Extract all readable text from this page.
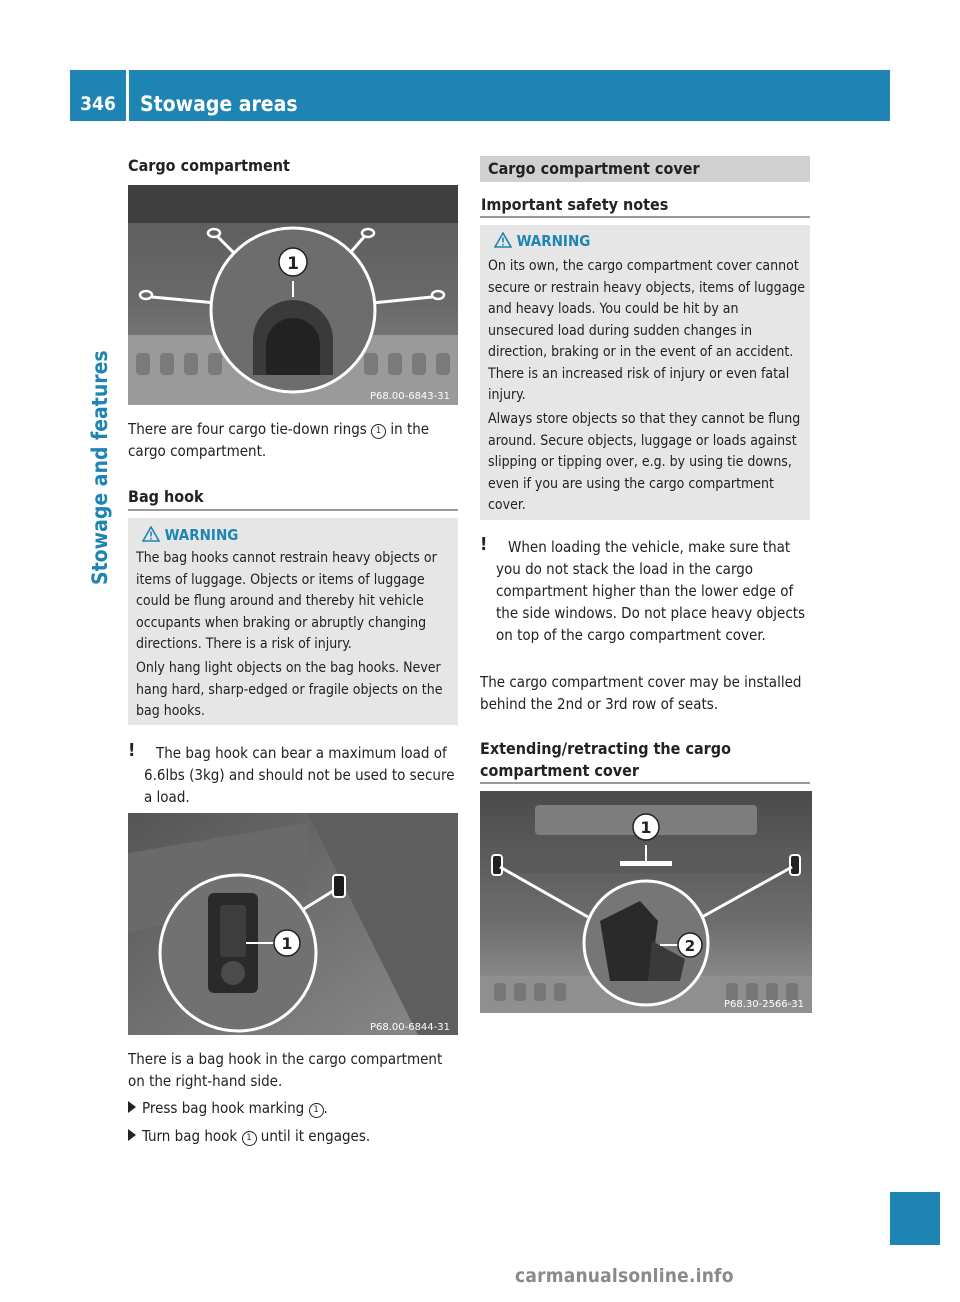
346	Stowage areas
Stowage and features
Cargo compartment
1
P68.00-6843-31
There are four cargo tie-down rings 1 in the cargo compartment.
Bag hook
WARNING
The bag hooks cannot restrain heavy objects or items of luggage. Objects or items of luggage could be flung around and thereby hit vehicle occupants when braking or abruptly changing directions. There is a risk of injury.
Only hang light objects on the bag hooks. Never hang hard, sharp-edged or fragile objects on the bag hooks.
!	The bag hook can bear a maximum load of 6.6lbs (3kg) and should not be used to secure a load.
1
P68.00-6844-31
There is a bag hook in the cargo compartment on the right-hand side.
Press bag hook marking 1 .
Turn bag hook 1 until it engages.
Cargo compartment cover
Important safety notes
WARNING
On its own, the cargo compartment cover cannot secure or restrain heavy objects, items of luggage and heavy loads. You could be hit by an unsecured load during sudden changes in direction, braking or in the event of an accident. There is an increased risk of injury or even fatal injury.
Always store objects so that they cannot be flung around. Secure objects, luggage or loads against slipping or tipping over, e.g. by using tie downs, even if you are using the cargo compartment cover.
!	When loading the vehicle, make sure that you do not stack the load in the cargo compartment higher than the lower edge of the side windows. Do not place heavy objects on top of the cargo compartment cover.
The cargo compartment cover may be installed behind the 2nd or 3rd row of seats.
Extending/retracting the cargo
compartment cover
1
2
P68.30-2566-31
carmanualsonline.info
